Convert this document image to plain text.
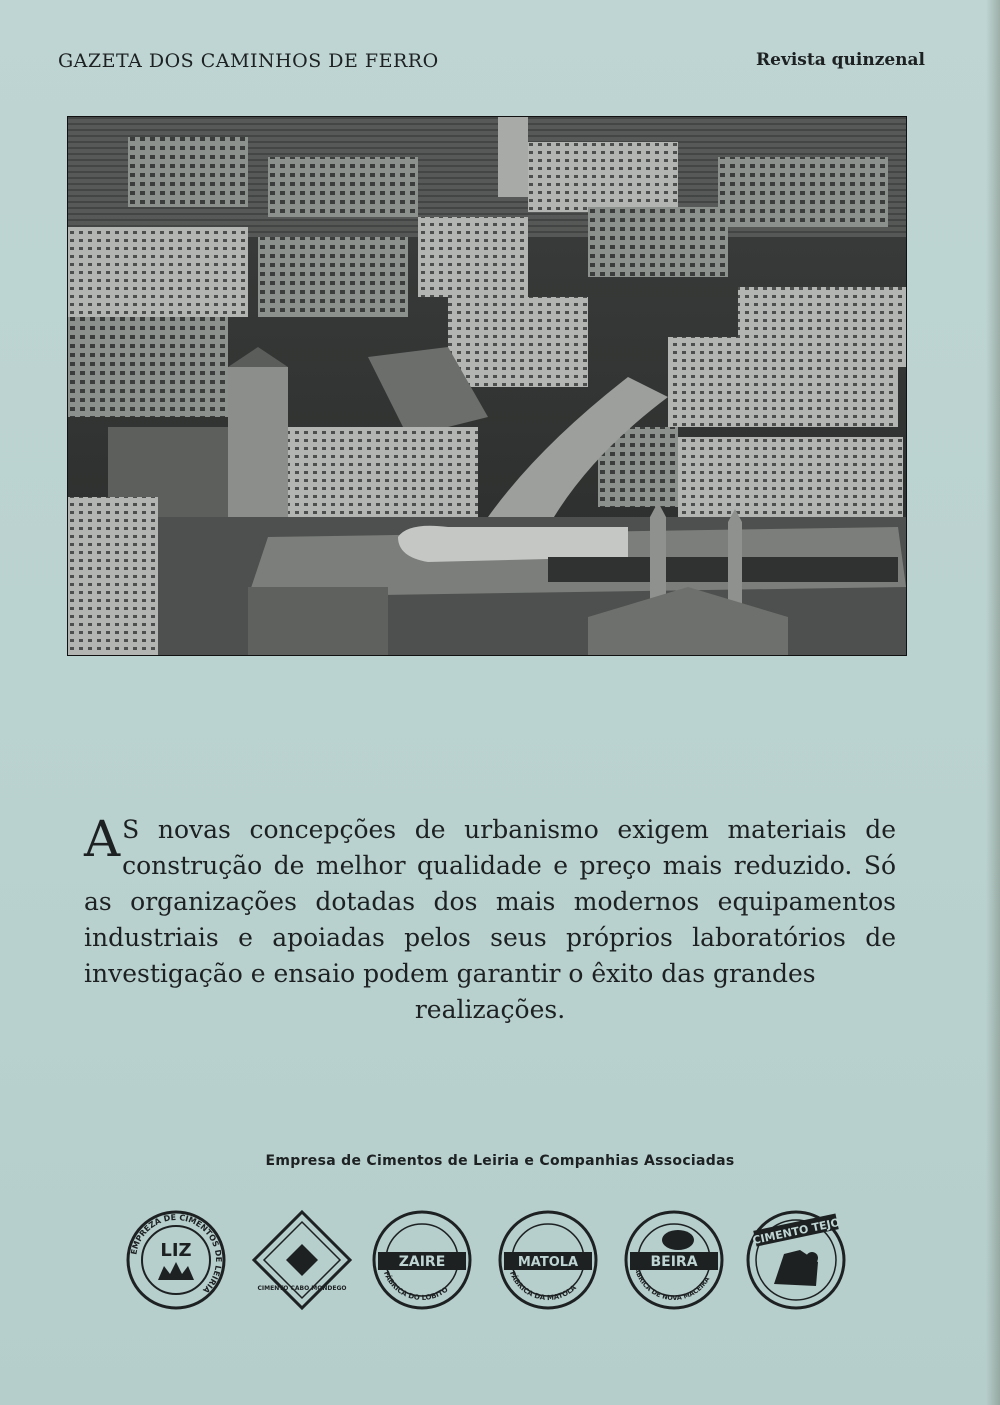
GAZETA DOS CAMINHOS DE FERRO	Revista quinzenal
A S novas concepções de urbanismo exigem materiais de construção de melhor qualidade e preço mais reduzido. Só as organizações dotadas dos mais modernos equipamentos industriais e apoiadas pelos seus próprios laboratórios de investigação e ensaio podem garantir o êxito das grandes
realizações.
Empresa de Cimentos de Leiria e Companhias Associadas
EMPREZA DE CIMENTOS DE LEIRIA
LIZ
CIMENTO CABO MONDEGO
ZAIRE
FÁBRICA DO LOBITO
MATOLA
FÁBRICA DA MATOLA
BEIRA
FÁBRICA DE NOVA MACEIRA
CIMENTO TEJO
